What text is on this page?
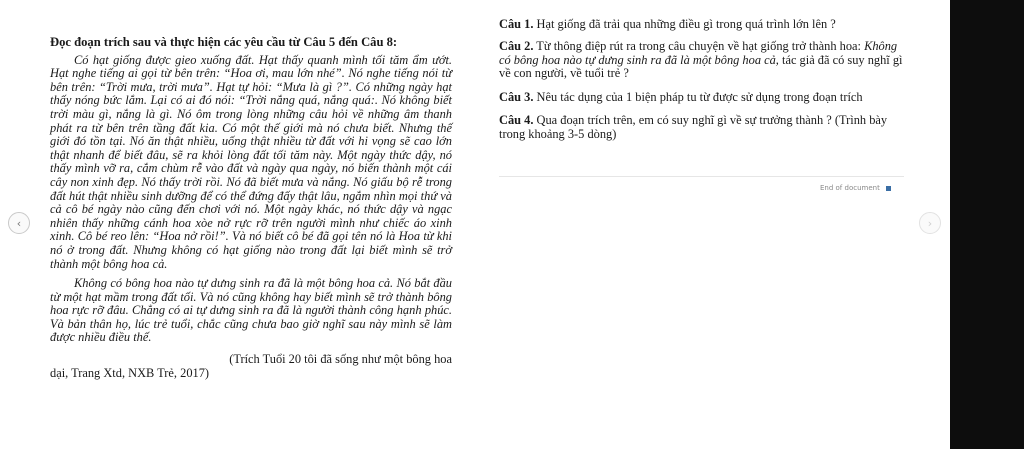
‹	›

Đọc đoạn trích sau và thực hiện các yêu cầu từ Câu 5 đến Câu 8:

Có hạt giống được gieo xuống đất. Hạt thấy quanh mình tối tăm ẩm ướt. Hạt nghe tiếng ai gọi từ bên trên: “Hoa ơi, mau lớn nhé”. Nó nghe tiếng nói từ bên trên: “Trời mưa, trời mưa”. Hạt tự hỏi: “Mưa là gì ?”. Có những ngày hạt thấy nóng bức lắm. Lại có ai đó nói: “Trời nắng quá, nắng quá:. Nó không biết trời màu gì, nắng là gì. Nó ôm trong lòng những câu hỏi về những âm thanh phát ra từ bên trên tầng đất kia. Có một thế giới mà nó chưa biết. Nhưng thế giới đó tồn tại. Nó ăn thật nhiều, uống thật nhiều từ đất với hi vọng sẽ cao lớn thật nhanh để biết đâu, sẽ ra khỏi lòng đất tối tăm này. Một ngày thức dậy, nó thấy mình vỡ ra, cắm chùm rễ vào đất và ngày qua ngày, nó biến thành một cái cây non xinh đẹp. Nó thấy trời rồi. Nó đã biết mưa và nắng. Nó giấu bộ rễ trong đất hút thật nhiều sinh dưỡng để có thể đứng đấy thật lâu, ngắm nhìn mọi thứ và cả cô bé ngày nào cũng đến chơi với nó. Một ngày khác, nó thức dậy và ngạc nhiên thấy những cánh hoa xòe nở rực rỡ trên người mình như chiếc áo xinh xinh. Cô bé reo lên: “Hoa nở rồi!”. Và nó biết cô bé đã gọi tên nó là Hoa từ khi nó ở trong đất. Nhưng không có hạt giống nào trong đất lại biết mình sẽ trở thành một bông hoa cả.

Không có bông hoa nào tự dưng sinh ra đã là một bông hoa cả. Nó bắt đầu từ một hạt mầm trong đất tối. Và nó cũng không hay biết mình sẽ trở thành bông hoa rực rỡ đâu. Chẳng có ai tự dưng sinh ra đã là người thành công hạnh phúc. Và bản thân họ, lúc trẻ tuổi, chắc cũng chưa bao giờ nghĩ sau này mình sẽ làm được nhiều điều thế.

(Trích Tuổi 20 tôi đã sống như một bông hoa

dại, Trang Xtd, NXB Trẻ, 2017)

Câu 1. Hạt giống đã trải qua những điều gì trong quá trình lớn lên ?

Câu 2. Từ thông điệp rút ra trong câu chuyện về hạt giống trở thành hoa: Không có bông hoa nào tự dưng sinh ra đã là một bông hoa cả, tác giả đã có suy nghĩ gì về con người, về tuổi trẻ ?

Câu 3. Nêu tác dụng của 1 biện pháp tu từ được sử dụng trong đoạn trích

Câu 4. Qua đoạn trích trên, em có suy nghĩ gì về sự trưởng thành ? (Trình bày trong khoảng 3-5 dòng)

End of document
